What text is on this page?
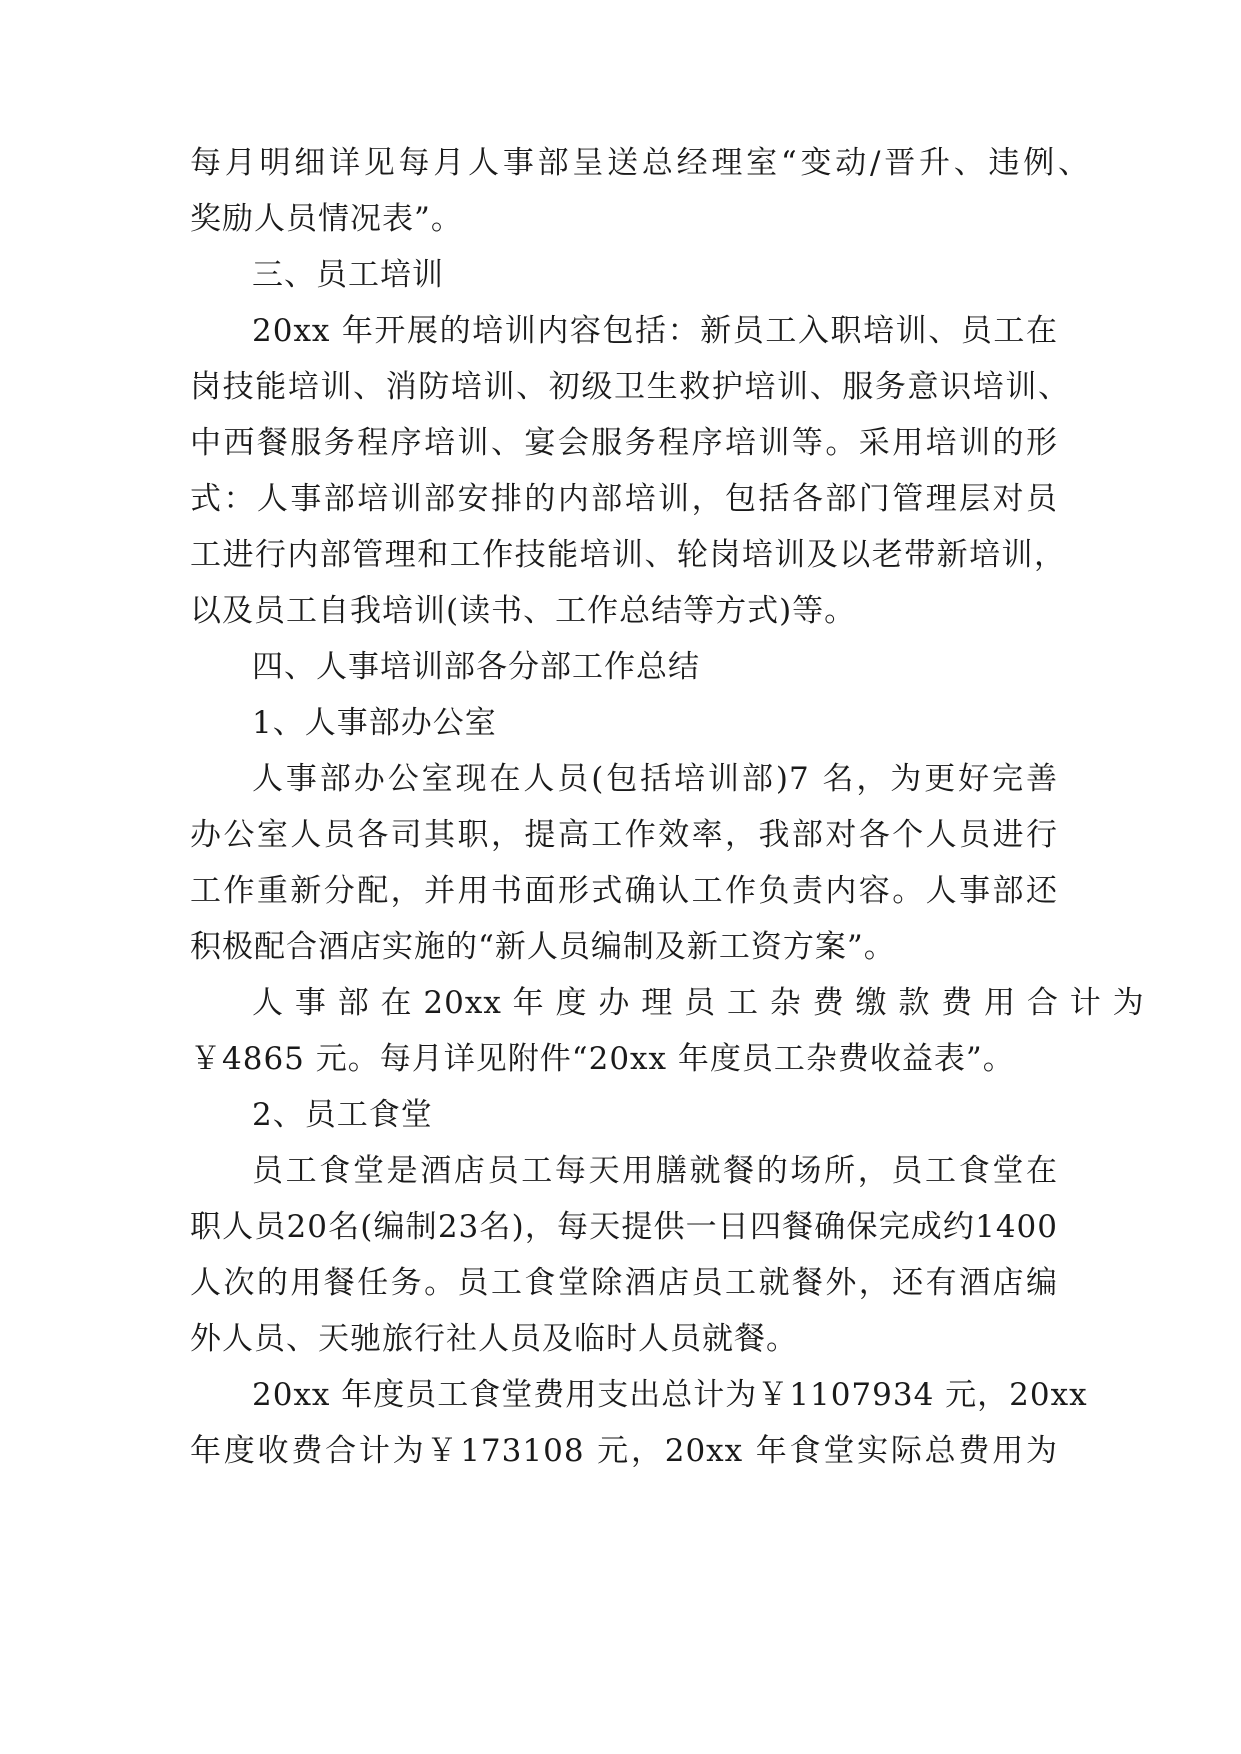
每月明细详见每月人事部呈送总经理室“变动/晋升、违例、
奖励人员情况表”。
三、员工培训
20xx 年开展的培训内容包括：新员工入职培训、员工在
岗技能培训、消防培训、初级卫生救护培训、服务意识培训、
中西餐服务程序培训、宴会服务程序培训等。采用培训的形
式：人事部培训部安排的内部培训，包括各部门管理层对员
工进行内部管理和工作技能培训、轮岗培训及以老带新培训，
以及员工自我培训(读书、工作总结等方式)等。
四、人事培训部各分部工作总结
1、人事部办公室
人事部办公室现在人员(包括培训部)7 名，为更好完善
办公室人员各司其职，提高工作效率，我部对各个人员进行
工作重新分配，并用书面形式确认工作负责内容。人事部还
积极配合酒店实施的“新人员编制及新工资方案”。
人 事 部 在 20xx 年 度 办 理 员 工 杂 费 缴 款 费 用 合 计 为
￥4865 元。每月详见附件“20xx 年度员工杂费收益表”。
2、员工食堂
员工食堂是酒店员工每天用膳就餐的场所，员工食堂在
职人员20名(编制23名)，每天提供一日四餐确保完成约1400
人次的用餐任务。员工食堂除酒店员工就餐外，还有酒店编
外人员、天驰旅行社人员及临时人员就餐。
20xx 年度员工食堂费用支出总计为￥1107934 元，20xx
年度收费合计为￥173108 元，20xx 年食堂实际总费用为
